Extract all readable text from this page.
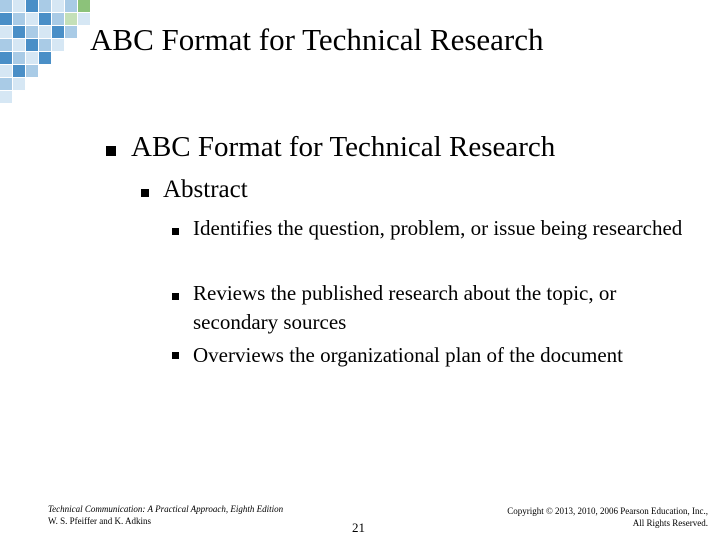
ABC Format for Technical Research
ABC Format for Technical Research
Abstract
Identifies the question, problem, or issue being researched
Reviews the published research about the topic, or secondary sources
Overviews the organizational plan of the document
Technical Communication: A Practical Approach, Eighth Edition
W. S. Pfeiffer and K. Adkins	21
Copyright © 2013, 2010, 2006 Pearson Education, Inc.,
All Rights Reserved.
